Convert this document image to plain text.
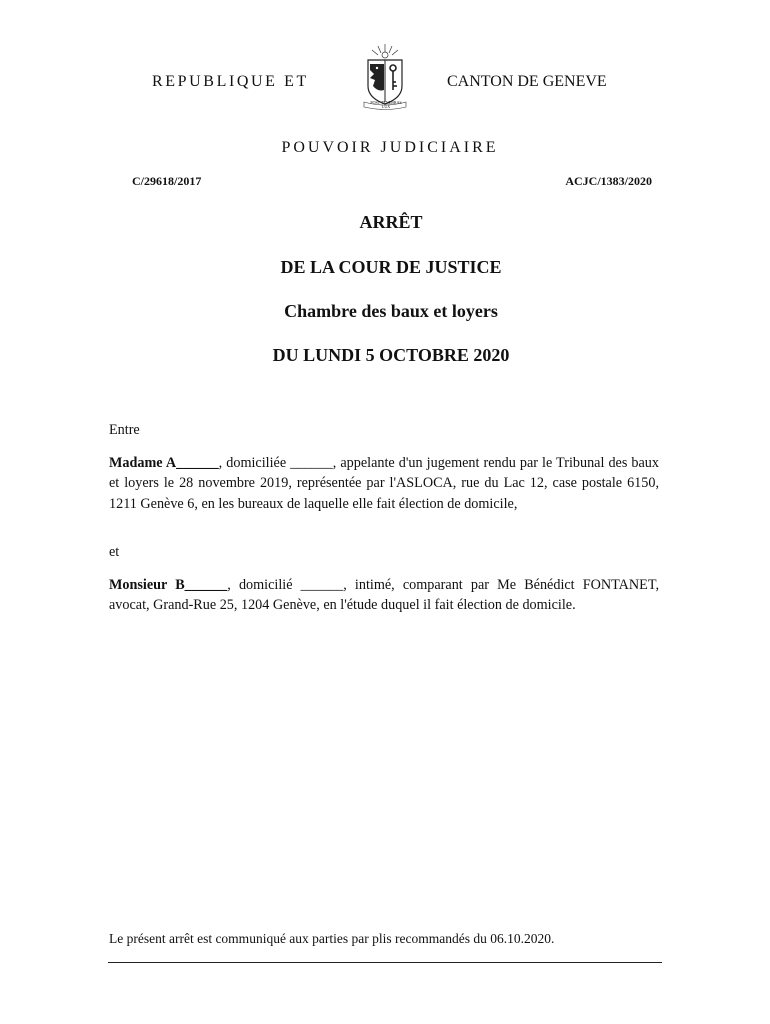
REPUBLIQUE ET
POST TENEBRAS LUX
CANTON DE GENEVE
POUVOIR JUDICIAIRE
C/29618/2017	ACJC/1383/2020
ARRÊT
DE LA COUR DE JUSTICE
Chambre des baux et loyers
DU LUNDI 5 OCTOBRE 2020
Entre
Madame A______, domiciliée ______, appelante d'un jugement rendu par le Tribunal des baux et loyers le 28 novembre 2019, représentée par l'ASLOCA, rue du Lac 12, case postale 6150, 1211 Genève 6, en les bureaux de laquelle elle fait élection de domicile,
et
Monsieur B______, domicilié ______, intimé, comparant par Me Bénédict FONTANET, avocat, Grand-Rue 25, 1204 Genève, en l'étude duquel il fait élection de domicile.
Le présent arrêt est communiqué aux parties par plis recommandés du 06.10.2020.
